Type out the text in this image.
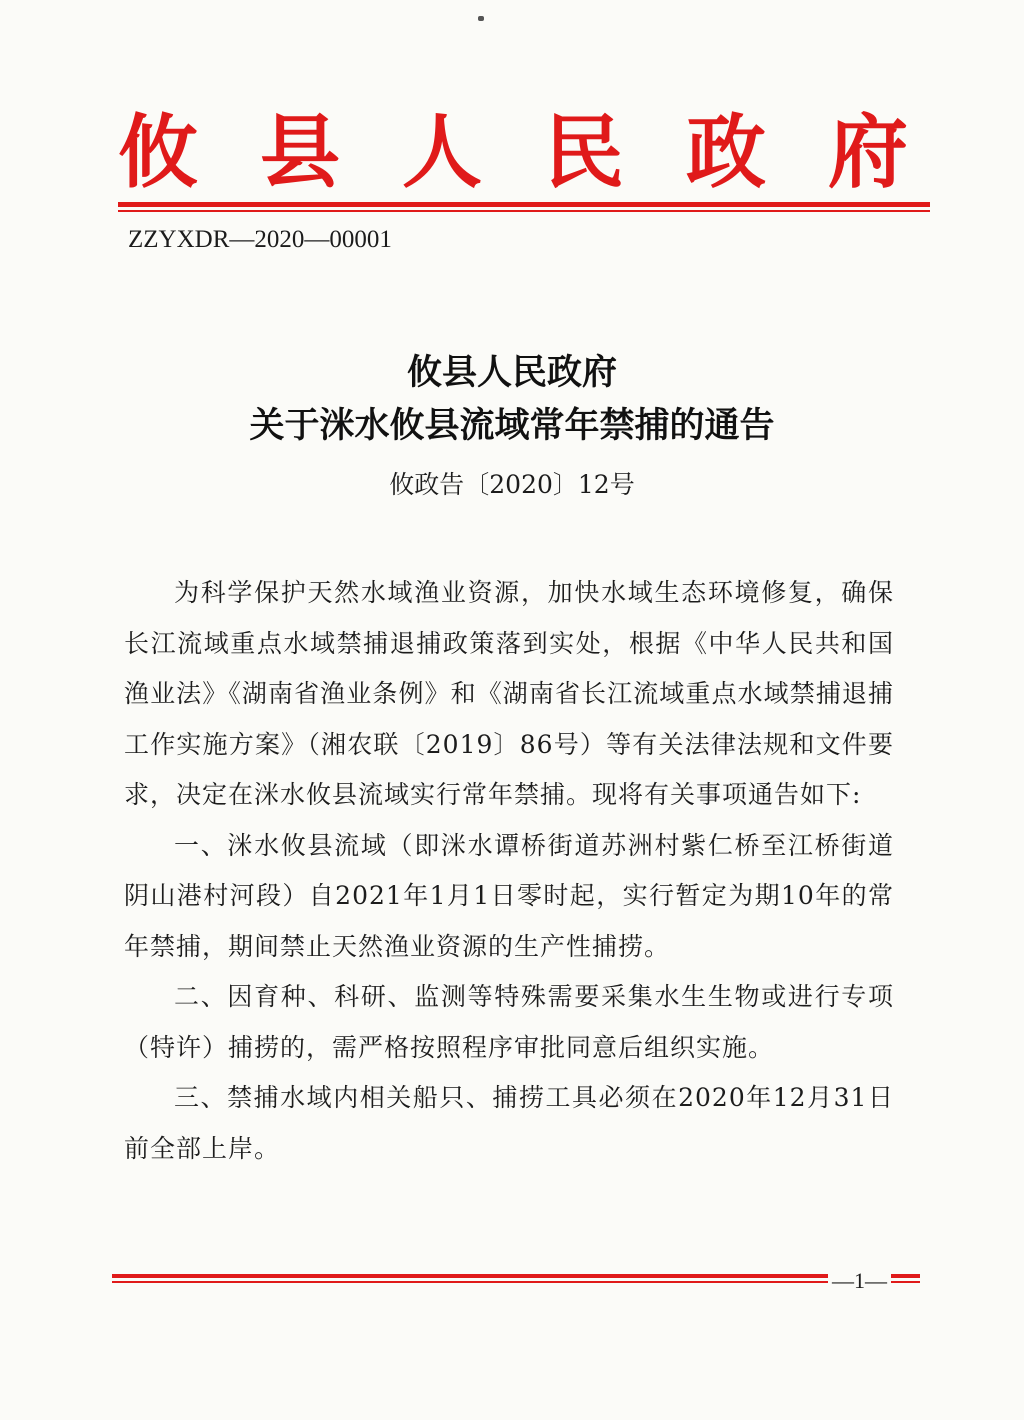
攸 县 人 民 政 府
ZZYXDR—2020—00001
攸县人民政府
关于洣水攸县流域常年禁捕的通告
攸政告〔2020〕12号

为科学保护天然水域渔业资源，加快水域生态环境修复，确保长江流域重点水域禁捕退捕政策落到实处，根据《中华人民共和国渔业法》《湖南省渔业条例》和《湖南省长江流域重点水域禁捕退捕工作实施方案》（湘农联〔2019〕86号）等有关法律法规和文件要求，决定在洣水攸县流域实行常年禁捕。现将有关事项通告如下:

一、洣水攸县流域（即洣水谭桥街道苏洲村紫仁桥至江桥街道阴山港村河段）自2021年1月1日零时起，实行暂定为期10年的常年禁捕，期间禁止天然渔业资源的生产性捕捞。

二、因育种、科研、监测等特殊需要采集水生生物或进行专项（特许）捕捞的，需严格按照程序审批同意后组织实施。

三、禁捕水域内相关船只、捕捞工具必须在2020年12月31日前全部上岸。

—1—
